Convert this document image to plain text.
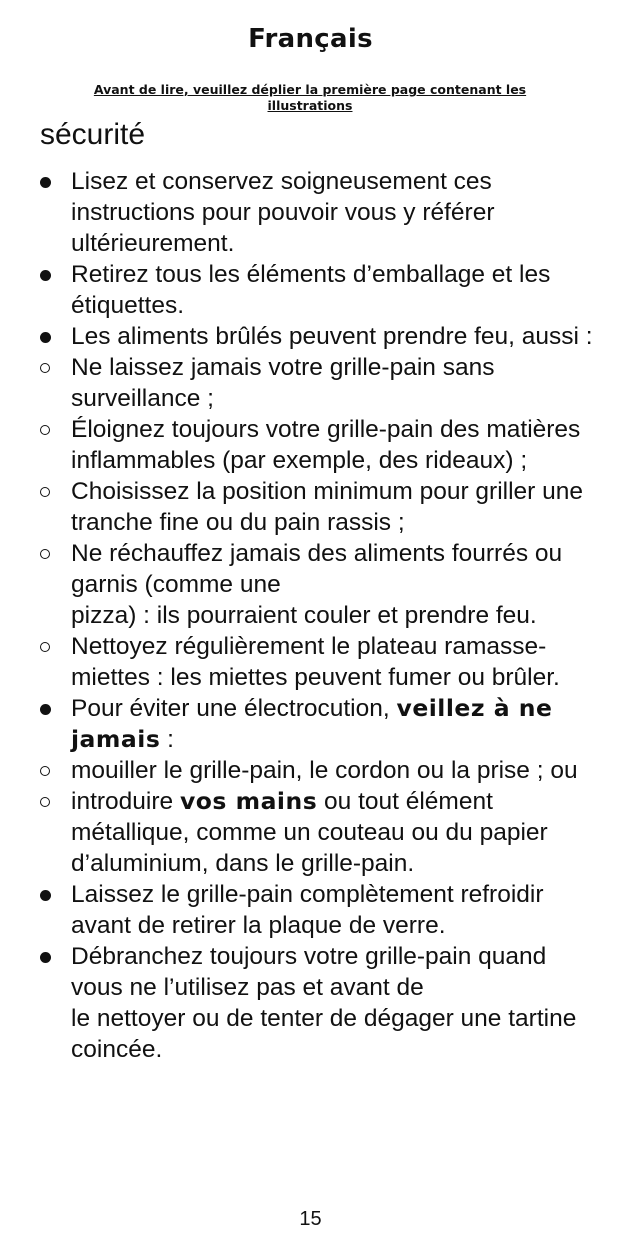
Français
Avant de lire, veuillez déplier la première page contenant les illustrations
sécurité
Lisez et conservez soigneusement ces instructions pour pouvoir vous y référer ultérieurement.
Retirez tous les éléments d’emballage et les étiquettes.
Les aliments brûlés peuvent prendre feu, aussi :
Ne laissez jamais votre grille-pain sans surveillance ;
Éloignez toujours votre grille-pain des matières inflammables (par exemple, des rideaux) ;
Choisissez la position minimum pour griller une tranche fine ou du pain rassis ;
Ne réchauffez jamais des aliments fourrés ou garnis (comme une
pizza) : ils pourraient couler et prendre feu.
Nettoyez régulièrement le plateau ramasse-miettes : les miettes peuvent fumer ou brûler.
Pour éviter une électrocution, veillez à ne jamais :
mouiller le grille-pain, le cordon ou la prise ; ou
introduire vos mains ou tout élément métallique, comme un couteau ou du papier d’aluminium, dans le grille-pain.
Laissez le grille-pain complètement refroidir avant de retirer la plaque de verre.
Débranchez toujours votre grille-pain quand vous ne l’utilisez pas et avant de
le nettoyer ou de tenter de dégager une tartine coincée.
15
